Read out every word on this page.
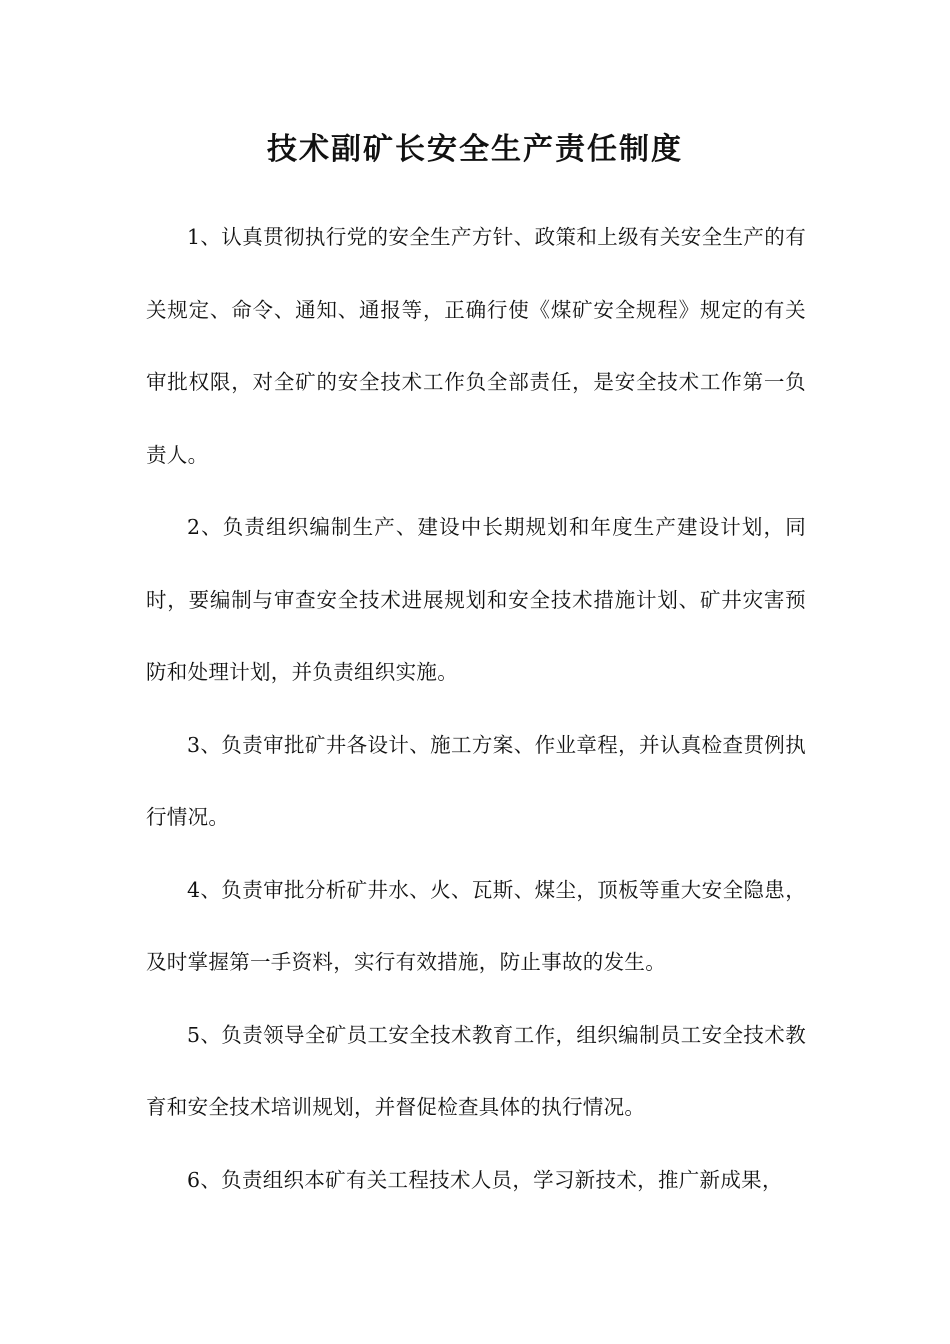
技术副矿长安全生产责任制度

1、认真贯彻执行党的安全生产方针、政策和上级有关安全生产的有关规定、命令、通知、通报等，正确行使《煤矿安全规程》规定的有关审批权限，对全矿的安全技术工作负全部责任，是安全技术工作第一负责人。

2、负责组织编制生产、建设中长期规划和年度生产建设计划，同时，要编制与审查安全技术进展规划和安全技术措施计划、矿井灾害预防和处理计划，并负责组织实施。

3、负责审批矿井各设计、施工方案、作业章程，并认真检查贯例执行情况。

4、负责审批分析矿井水、火、瓦斯、煤尘，顶板等重大安全隐患，及时掌握第一手资料，实行有效措施，防止事故的发生。

5、负责领导全矿员工安全技术教育工作，组织编制员工安全技术教育和安全技术培训规划，并督促检查具体的执行情况。

6、负责组织本矿有关工程技术人员，学习新技术，推广新成果，
